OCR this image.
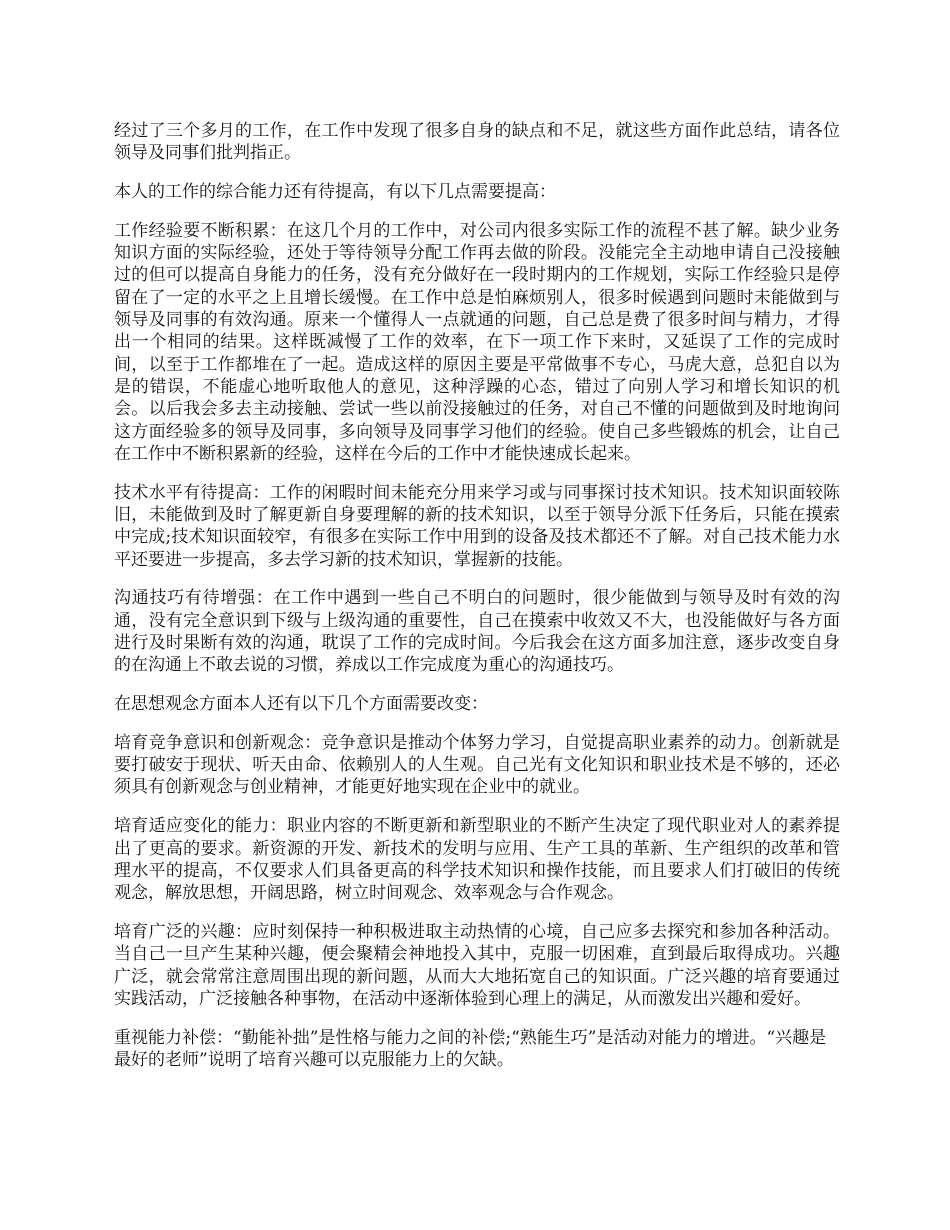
经过了三个多月的工作，在工作中发现了很多自身的缺点和不足，就这些方面作此总结，请各位领导及同事们批判指正。

本人的工作的综合能力还有待提高，有以下几点需要提高：

工作经验要不断积累：在这几个月的工作中，对公司内很多实际工作的流程不甚了解。缺少业务知识方面的实际经验，还处于等待领导分配工作再去做的阶段。没能完全主动地申请自己没接触过的但可以提高自身能力的任务，没有充分做好在一段时期内的工作规划，实际工作经验只是停留在了一定的水平之上且增长缓慢。在工作中总是怕麻烦别人，很多时候遇到问题时未能做到与领导及同事的有效沟通。原来一个懂得人一点就通的问题，自己总是费了很多时间与精力，才得出一个相同的结果。这样既减慢了工作的效率，在下一项工作下来时，又延误了工作的完成时间，以至于工作都堆在了一起。造成这样的原因主要是平常做事不专心，马虎大意，总犯自以为是的错误，不能虚心地听取他人的意见，这种浮躁的心态，错过了向别人学习和增长知识的机会。以后我会多去主动接触、尝试一些以前没接触过的任务，对自己不懂的问题做到及时地询问这方面经验多的领导及同事，多向领导及同事学习他们的经验。使自己多些锻炼的机会，让自己在工作中不断积累新的经验，这样在今后的工作中才能快速成长起来。

技术水平有待提高：工作的闲暇时间未能充分用来学习或与同事探讨技术知识。技术知识面较陈旧，未能做到及时了解更新自身要理解的新的技术知识，以至于领导分派下任务后，只能在摸索中完成;技术知识面较窄，有很多在实际工作中用到的设备及技术都还不了解。对自己技术能力水平还要进一步提高，多去学习新的技术知识，掌握新的技能。

沟通技巧有待增强：在工作中遇到一些自己不明白的问题时，很少能做到与领导及时有效的沟通，没有完全意识到下级与上级沟通的重要性，自己在摸索中收效又不大，也没能做好与各方面进行及时果断有效的沟通，耽误了工作的完成时间。今后我会在这方面多加注意，逐步改变自身的在沟通上不敢去说的习惯，养成以工作完成度为重心的沟通技巧。

在思想观念方面本人还有以下几个方面需要改变：

培育竞争意识和创新观念：竞争意识是推动个体努力学习，自觉提高职业素养的动力。创新就是要打破安于现状、听天由命、依赖别人的人生观。自己光有文化知识和职业技术是不够的，还必须具有创新观念与创业精神，才能更好地实现在企业中的就业。

培育适应变化的能力：职业内容的不断更新和新型职业的不断产生决定了现代职业对人的素养提出了更高的要求。新资源的开发、新技术的发明与应用、生产工具的革新、生产组织的改革和管理水平的提高，不仅要求人们具备更高的科学技术知识和操作技能，而且要求人们打破旧的传统观念，解放思想，开阔思路，树立时间观念、效率观念与合作观念。

培育广泛的兴趣：应时刻保持一种积极进取主动热情的心境，自己应多去探究和参加各种活动。当自己一旦产生某种兴趣，便会聚精会神地投入其中，克服一切困难，直到最后取得成功。兴趣广泛，就会常常注意周围出现的新问题，从而大大地拓宽自己的知识面。广泛兴趣的培育要通过实践活动，广泛接触各种事物，在活动中逐渐体验到心理上的满足，从而激发出兴趣和爱好。

重视能力补偿：“勤能补拙”是性格与能力之间的补偿;“熟能生巧”是活动对能力的增进。“兴趣是最好的老师”说明了培育兴趣可以克服能力上的欠缺。
